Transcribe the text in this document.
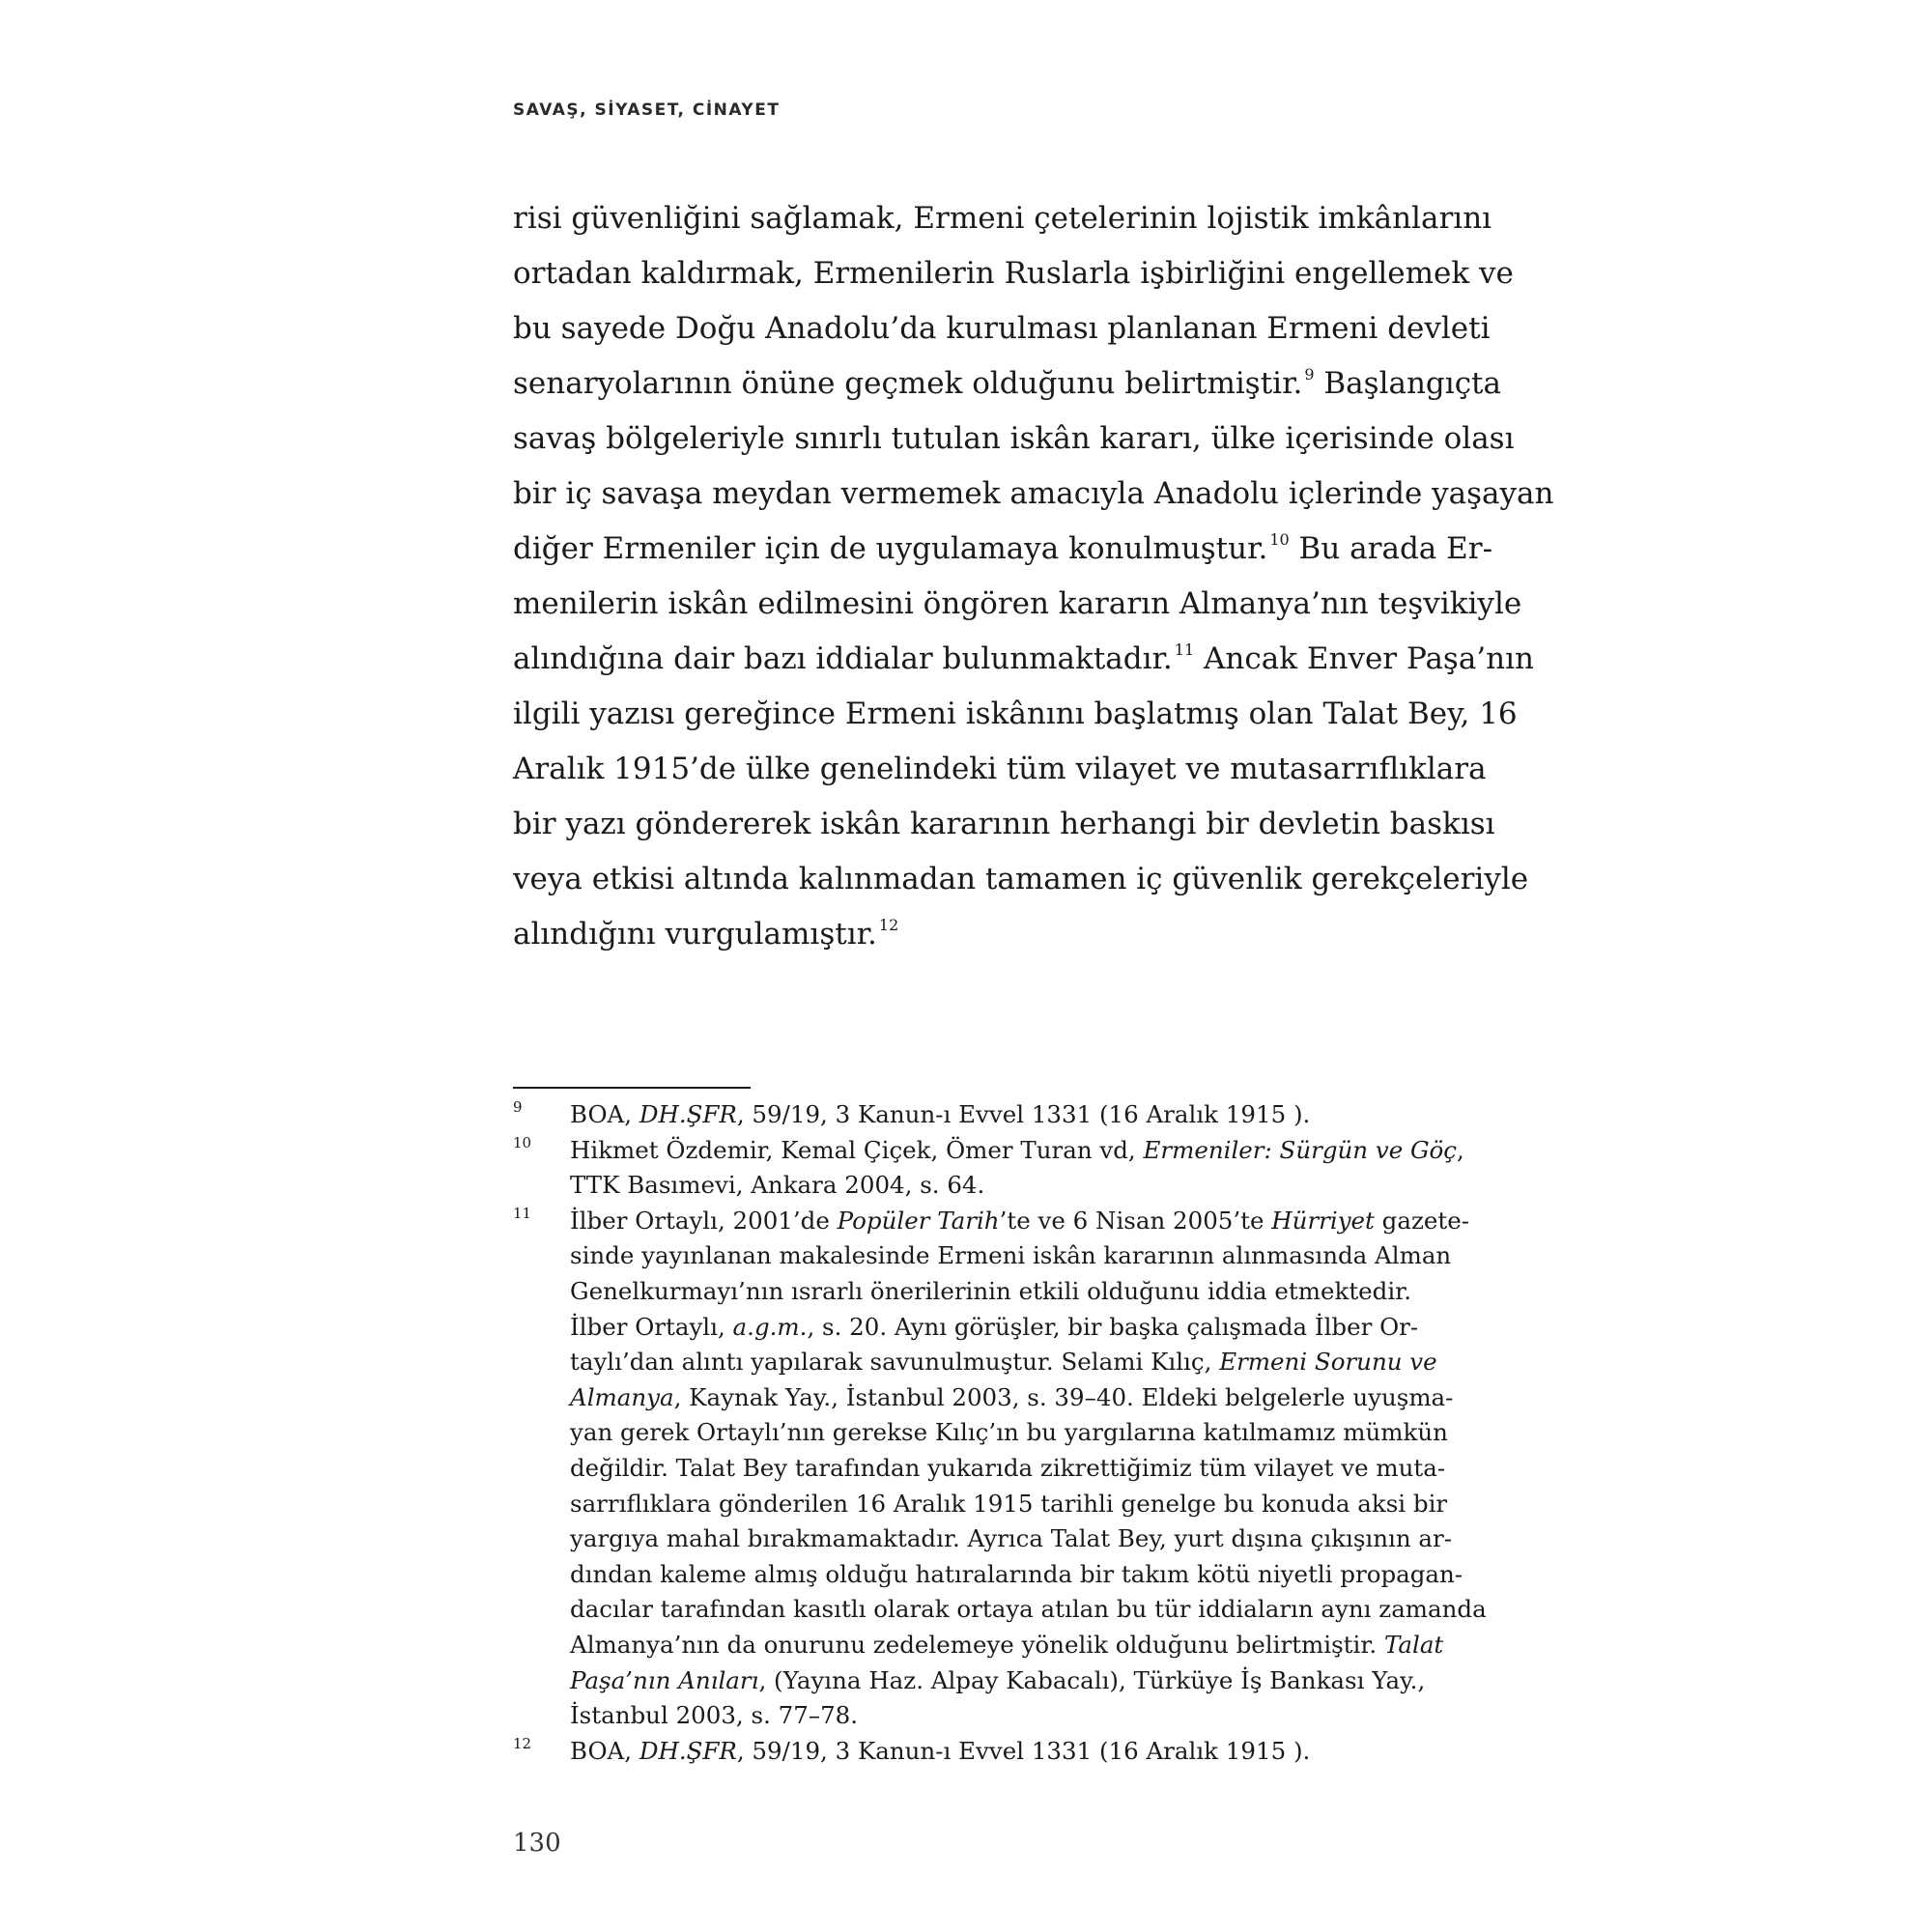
SAVAŞ, SİYASET, CİNAYET
risi güvenliğini sağlamak, Ermeni çetelerinin lojistik imkânlarını
ortadan kaldırmak, Ermenilerin Ruslarla işbirliğini engellemek ve
bu sayede Doğu Anadolu’da kurulması planlanan Ermeni devleti
senaryolarının önüne geçmek olduğunu belirtmiştir. $^9$ Başlangıçta
savaş bölgeleriyle sınırlı tutulan iskân kararı, ülke içerisinde olası
bir iç savaşa meydan vermemek amacıyla Anadolu içlerinde yaşayan
diğer Ermeniler için de uygulamaya konulmuştur. $^{10}$ Bu arada Er-
menilerin iskân edilmesini öngören kararın Almanya’nın teşvikiyle
alındığına dair bazı iddialar bulunmaktadır. $^{11}$ Ancak Enver Paşa’nın
ilgili yazısı gereğince Ermeni iskânını başlatmış olan Talat Bey, 16
Aralık 1915’de ülke genelindeki tüm vilayet ve mutasarrıflıklara
bir yazı göndererek iskân kararının herhangi bir devletin baskısı
veya etkisi altında kalınmadan tamamen iç güvenlik gerekçeleriyle
alındığını vurgulamıştır. $^{12}$
9 BOA, DH.ŞFR, 59/19, 3 Kanun-ı Evvel 1331 (16 Aralık 1915 ).
10 Hikmet Özdemir, Kemal Çiçek, Ömer Turan vd, Ermeniler: Sürgün ve Göç,
TTK Basımevi, Ankara 2004, s. 64.
11 İlber Ortaylı, 2001’de Popüler Tarih’te ve 6 Nisan 2005’te Hürriyet gazete-
sinde yayınlanan makalesinde Ermeni iskân kararının alınmasında Alman
Genelkurmayı’nın ısrarlı önerilerinin etkili olduğunu iddia etmektedir.
İlber Ortaylı, a.g.m., s. 20. Aynı görüşler, bir başka çalışmada İlber Or-
taylı’dan alıntı yapılarak savunulmuştur. Selami Kılıç, Ermeni Sorunu ve
Almanya, Kaynak Yay., İstanbul 2003, s. 39–40. Eldeki belgelerle uyuşma-
yan gerek Ortaylı’nın gerekse Kılıç’ın bu yargılarına katılmamız mümkün
değildir. Talat Bey tarafından yukarıda zikrettiğimiz tüm vilayet ve muta-
sarrıflıklara gönderilen 16 Aralık 1915 tarihli genelge bu konuda aksi bir
yargıya mahal bırakmamaktadır. Ayrıca Talat Bey, yurt dışına çıkışının ar-
dından kaleme almış olduğu hatıralarında bir takım kötü niyetli propagan-
dacılar tarafından kasıtlı olarak ortaya atılan bu tür iddiaların aynı zamanda
Almanya’nın da onurunu zedelemeye yönelik olduğunu belirtmiştir. Talat
Paşa’nın Anıları, (Yayına Haz. Alpay Kabacalı), Türküye İş Bankası Yay.,
İstanbul 2003, s. 77–78.
12 BOA, DH.ŞFR, 59/19, 3 Kanun-ı Evvel 1331 (16 Aralık 1915 ).
130
